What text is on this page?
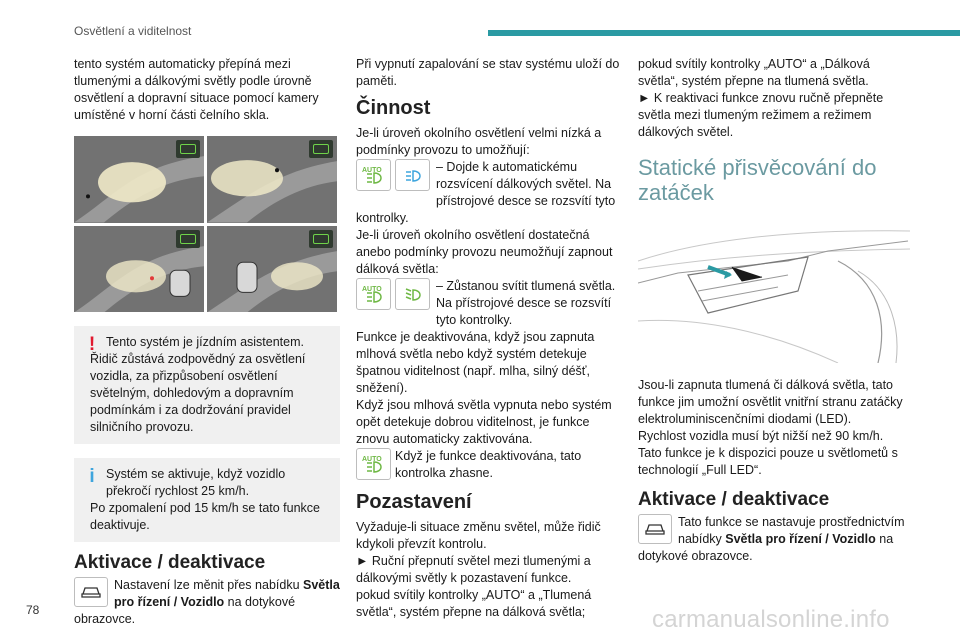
Osvětlení a viditelnost

tento systém automaticky přepíná mezi tlumenými a dálkovými světly podle úrovně osvětlení a dopravní situace pomocí kamery umístěné v horní části čelního skla.

! Tento systém je jízdním asistentem.

Řidič zůstává zodpovědný za osvětlení vozidla, za přizpůsobení osvětlení světelným, dohledovým a dopravním podmínkám i za dodržování pravidel silničního provozu.

i Systém se aktivuje, když vozidlo překročí rychlost 25 km/h.

Po zpomalení pod 15 km/h se tato funkce deaktivuje.

Aktivace / deaktivace
Nastavení lze měnit přes nabídku Světla pro řízení / Vozidlo na dotykové obrazovce.

Při vypnutí zapalování se stav systému uloží do paměti.

Činnost

Je-li úroveň okolního osvětlení velmi nízká a podmínky provozu to umožňují:

AUTO	– Dojde k automatickému rozsvícení dálkových světel. Na přístrojové desce se rozsvítí tyto kontrolky.

Je-li úroveň okolního osvětlení dostatečná anebo podmínky provozu neumožňují zapnout dálková světla:

AUTO	– Zůstanou svítit tlumená světla. Na přístrojové desce se rozsvítí tyto kontrolky.

Funkce je deaktivována, když jsou zapnuta mlhová světla nebo když systém detekuje špatnou viditelnost (např. mlha, silný déšť, sněžení).

Když jsou mlhová světla vypnuta nebo systém opět detekuje dobrou viditelnost, je funkce znovu automaticky zaktivována.

AUTO Když je funkce deaktivována, tato kontrolka zhasne.
Pozastavení

Vyžaduje-li situace změnu světel, může řidič kdykoli převzít kontrolu.

► Ruční přepnutí světel mezi tlumenými a dálkovými světly k pozastavení funkce.

pokud svítily kontrolky „AUTO“ a „Tlumená světla“, systém přepne na dálková světla;

pokud svítily kontrolky „AUTO“ a „Dálková světla“, systém přepne na tlumená světla.

► K reaktivaci funkce znovu ručně přepněte světla mezi tlumeným režimem a režimem dálkových světel.

Statické přisvěcování do zatáček

Jsou-li zapnuta tlumená či dálková světla, tato funkce jim umožní osvětlit vnitřní stranu zatáčky elektroluminiscenčními diodami (LED).

Rychlost vozidla musí být nižší než 90 km/h.

Tato funkce je k dispozici pouze u světlometů s technologií „Full LED“.

Aktivace / deaktivace
Tato funkce se nastavuje prostřednictvím nabídky Světla pro řízení / Vozidlo na dotykové obrazovce.
78	carmanualsonline.info
